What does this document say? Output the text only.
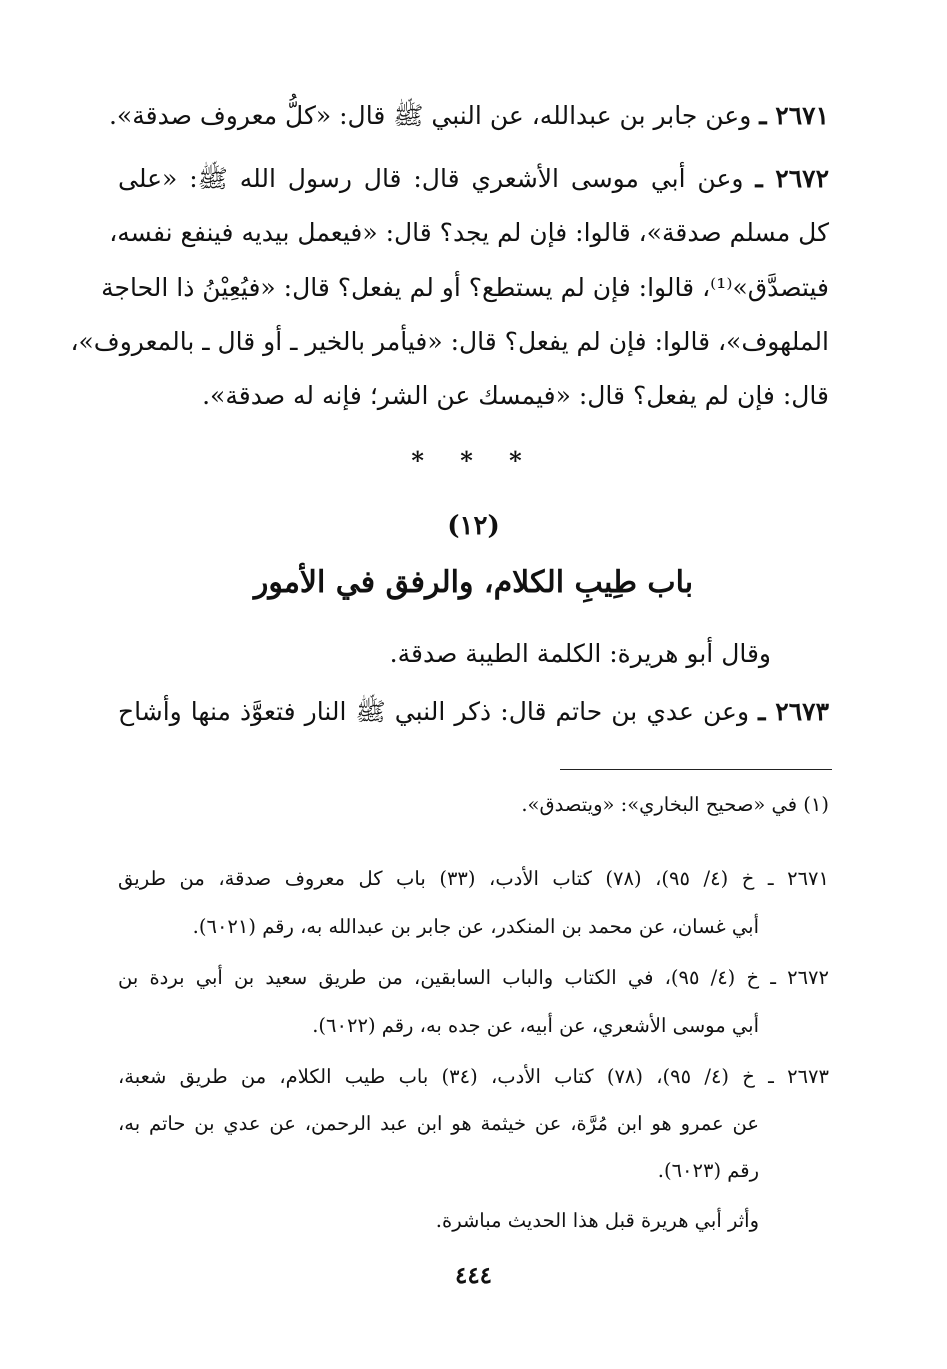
٢٦٧١ ـ وعن جابر بن عبدالله، عن النبي ﷺ قال: «كلُّ معروف صدقة».
٢٦٧٢ ـ وعن أبي موسى الأشعري قال: قال رسول الله ﷺ: «على
كل مسلم صدقة»، قالوا: فإن لم يجد؟ قال: «فيعمل بيديه فينفع نفسه،
فيتصدَّق»⁽¹⁾، قالوا: فإن لم يستطع؟ أو لم يفعل؟ قال: «فيُعِيْنُ ذا الحاجة
الملهوف»، قالوا: فإن لم يفعل؟ قال: «فيأمر بالخير ـ أو قال ـ بالمعروف»،
قال: فإن لم يفعل؟ قال: «فيمسك عن الشر؛ فإنه له صدقة».
* * *
(١٢)
باب طِيبِ الكلام، والرفق في الأمور
وقال أبو هريرة: الكلمة الطيبة صدقة.
٢٦٧٣ ـ وعن عدي بن حاتم قال: ذكر النبي ﷺ النار فتعوَّذ منها وأشاح
(١) في «صحيح البخاري»: «ويتصدق».
٢٦٧١ ـ خ (٤/ ٩٥)، (٧٨) كتاب الأدب، (٣٣) باب كل معروف صدقة، من طريق
أبي غسان، عن محمد بن المنكدر، عن جابر بن عبدالله به، رقم (٦٠٢١).
٢٦٧٢ ـ خ (٤/ ٩٥)، في الكتاب والباب السابقين، من طريق سعيد بن أبي بردة بن
أبي موسى الأشعري، عن أبيه، عن جده به، رقم (٦٠٢٢).
٢٦٧٣ ـ خ (٤/ ٩٥)، (٧٨) كتاب الأدب، (٣٤) باب طيب الكلام، من طريق شعبة،
عن عمرو هو ابن مُرَّة، عن خيثمة هو ابن عبد الرحمن، عن عدي بن حاتم به،
رقم (٦٠٢٣).
وأثر أبي هريرة قبل هذا الحديث مباشرة.
٤٤٤
